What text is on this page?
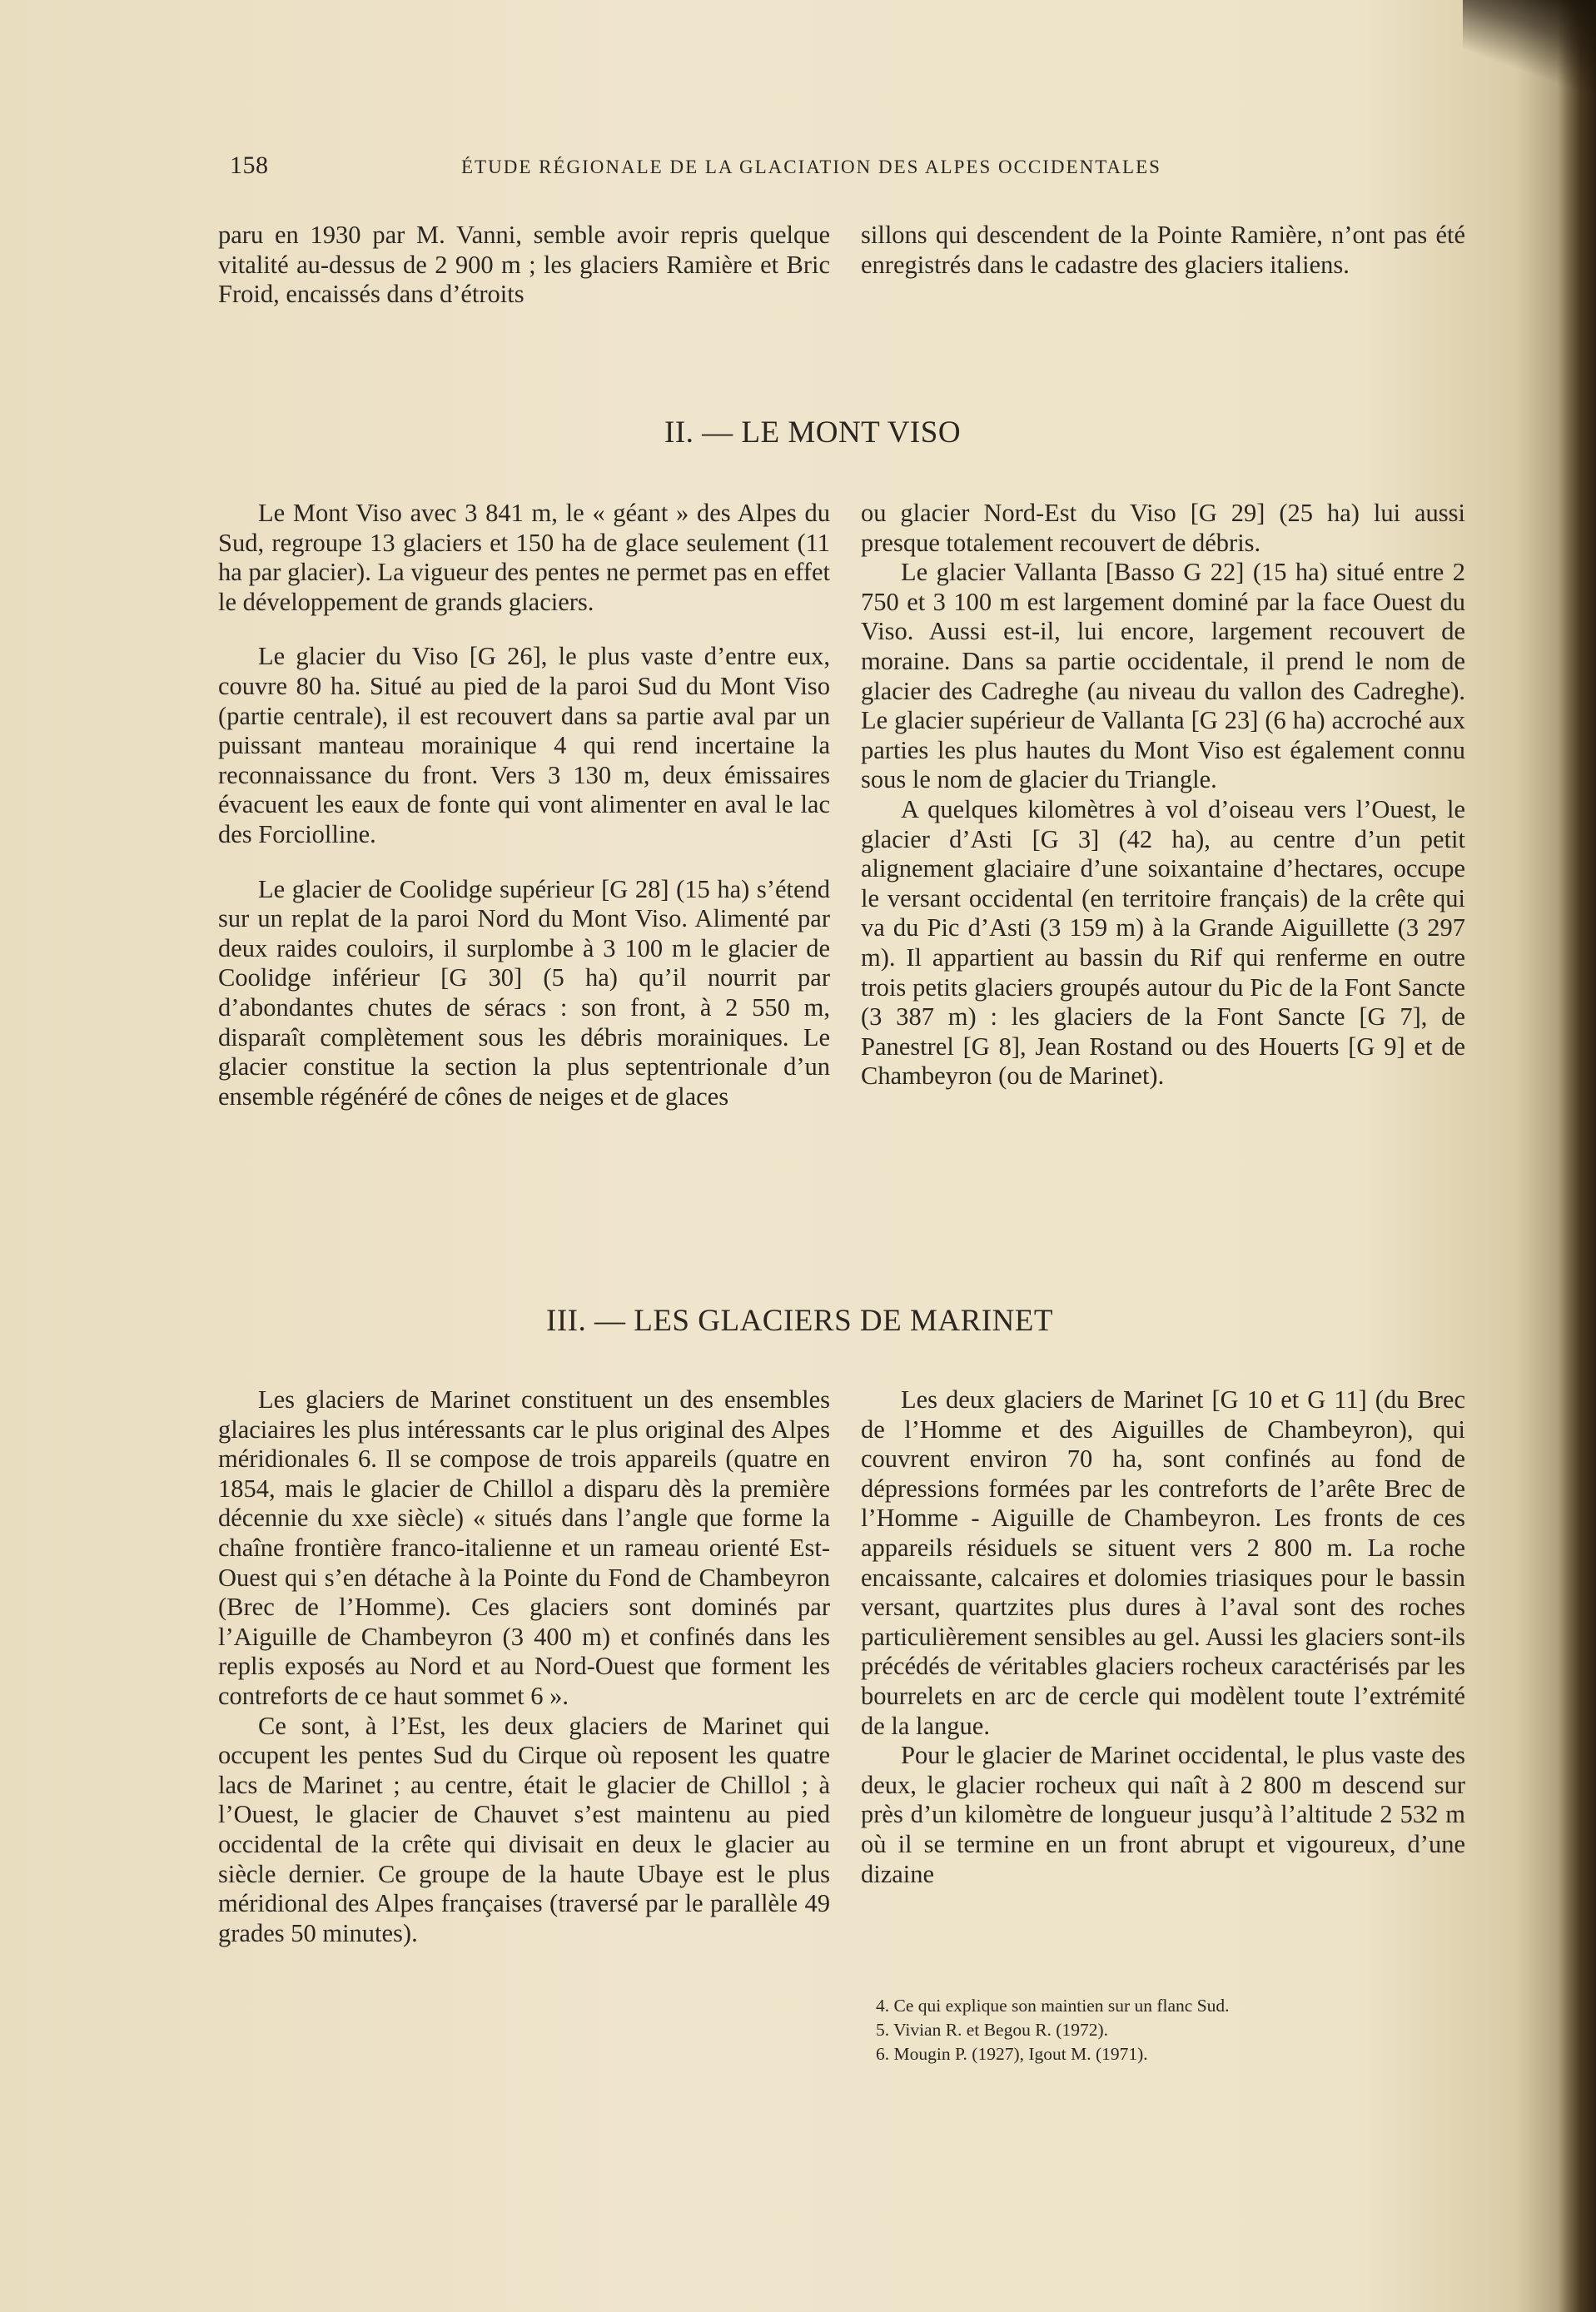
158	ÉTUDE RÉGIONALE DE LA GLACIATION DES ALPES OCCIDENTALES

paru en 1930 par M. Vanni, semble avoir repris quelque vitalité au-dessus de 2 900 m ; les glaciers Ramière et Bric Froid, encaissés dans d’étroits

sillons qui descendent de la Pointe Ramière, n’ont pas été enregistrés dans le cadastre des glaciers italiens.

II. — LE MONT VISO

Le Mont Viso avec 3 841 m, le « géant » des Alpes du Sud, regroupe 13 glaciers et 150 ha de glace seulement (11 ha par glacier). La vigueur des pentes ne permet pas en effet le développement de grands glaciers.

Le glacier du Viso [G 26], le plus vaste d’entre eux, couvre 80 ha. Situé au pied de la paroi Sud du Mont Viso (partie centrale), il est recouvert dans sa partie aval par un puissant manteau morainique 4 qui rend incertaine la reconnaissance du front. Vers 3 130 m, deux émissaires évacuent les eaux de fonte qui vont alimenter en aval le lac des Forciolline.

Le glacier de Coolidge supérieur [G 28] (15 ha) s’étend sur un replat de la paroi Nord du Mont Viso. Alimenté par deux raides couloirs, il surplombe à 3 100 m le glacier de Coolidge inférieur [G 30] (5 ha) qu’il nourrit par d’abondantes chutes de séracs : son front, à 2 550 m, disparaît complètement sous les débris morainiques. Le glacier constitue la section la plus septentrionale d’un ensemble régénéré de cônes de neiges et de glaces

ou glacier Nord-Est du Viso [G 29] (25 ha) lui aussi presque totalement recouvert de débris.

Le glacier Vallanta [Basso G 22] (15 ha) situé entre 2 750 et 3 100 m est largement dominé par la face Ouest du Viso. Aussi est-il, lui encore, largement recouvert de moraine. Dans sa partie occidentale, il prend le nom de glacier des Cadreghe (au niveau du vallon des Cadreghe). Le glacier supérieur de Vallanta [G 23] (6 ha) accroché aux parties les plus hautes du Mont Viso est également connu sous le nom de glacier du Triangle.

A quelques kilomètres à vol d’oiseau vers l’Ouest, le glacier d’Asti [G 3] (42 ha), au centre d’un petit alignement glaciaire d’une soixantaine d’hectares, occupe le versant occidental (en territoire français) de la crête qui va du Pic d’Asti (3 159 m) à la Grande Aiguillette (3 297 m). Il appartient au bassin du Rif qui renferme en outre trois petits glaciers groupés autour du Pic de la Font Sancte (3 387 m) : les glaciers de la Font Sancte [G 7], de Panestrel [G 8], Jean Rostand ou des Houerts [G 9] et de Chambeyron (ou de Marinet).

III. — LES GLACIERS DE MARINET

Les glaciers de Marinet constituent un des ensembles glaciaires les plus intéressants car le plus original des Alpes méridionales 6. Il se compose de trois appareils (quatre en 1854, mais le glacier de Chillol a disparu dès la première décennie du xxe siècle) « situés dans l’angle que forme la chaîne frontière franco-italienne et un rameau orienté Est-Ouest qui s’en détache à la Pointe du Fond de Chambeyron (Brec de l’Homme). Ces glaciers sont dominés par l’Aiguille de Chambeyron (3 400 m) et confinés dans les replis exposés au Nord et au Nord-Ouest que forment les contreforts de ce haut sommet 6 ».

Ce sont, à l’Est, les deux glaciers de Marinet qui occupent les pentes Sud du Cirque où reposent les quatre lacs de Marinet ; au centre, était le glacier de Chillol ; à l’Ouest, le glacier de Chauvet s’est maintenu au pied occidental de la crête qui divisait en deux le glacier au siècle dernier. Ce groupe de la haute Ubaye est le plus méridional des Alpes françaises (traversé par le parallèle 49 grades 50 minutes).

Les deux glaciers de Marinet [G 10 et G 11] (du Brec de l’Homme et des Aiguilles de Chambeyron), qui couvrent environ 70 ha, sont confinés au fond de dépressions formées par les contreforts de l’arête Brec de l’Homme - Aiguille de Chambeyron. Les fronts de ces appareils résiduels se situent vers 2 800 m. La roche encaissante, calcaires et dolomies triasiques pour le bassin versant, quartzites plus dures à l’aval sont des roches particulièrement sensibles au gel. Aussi les glaciers sont-ils précédés de véritables glaciers rocheux caractérisés par les bourrelets en arc de cercle qui modèlent toute l’extrémité de la langue.

Pour le glacier de Marinet occidental, le plus vaste des deux, le glacier rocheux qui naît à 2 800 m descend sur près d’un kilomètre de longueur jusqu’à l’altitude 2 532 m où il se termine en un front abrupt et vigoureux, d’une dizaine

4. Ce qui explique son maintien sur un flanc Sud.
5. Vivian R. et Begou R. (1972).
6. Mougin P. (1927), Igout M. (1971).
